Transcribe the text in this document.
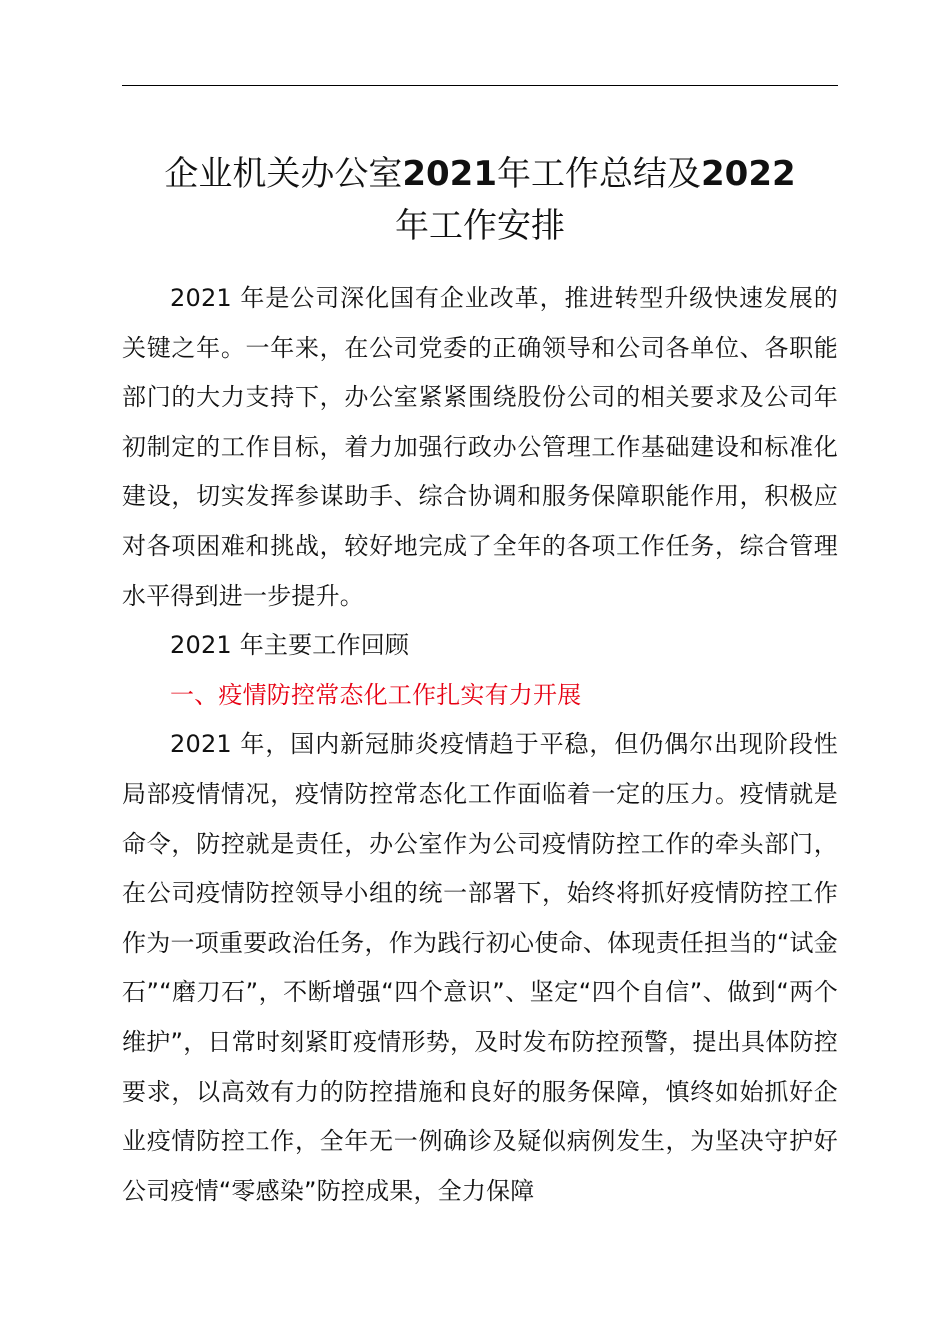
企业机关办公室2021年工作总结及2022
年工作安排

2021 年是公司深化国有企业改革，推进转型升级快速发展的关键之年。一年来，在公司党委的正确领导和公司各单位、各职能部门的大力支持下，办公室紧紧围绕股份公司的相关要求及公司年初制定的工作目标，着力加强行政办公管理工作基础建设和标准化建设，切实发挥参谋助手、综合协调和服务保障职能作用，积极应对各项困难和挑战，较好地完成了全年的各项工作任务，综合管理水平得到进一步提升。

2021 年主要工作回顾

一、疫情防控常态化工作扎实有力开展

2021 年，国内新冠肺炎疫情趋于平稳，但仍偶尔出现阶段性局部疫情情况，疫情防控常态化工作面临着一定的压力。疫情就是命令，防控就是责任，办公室作为公司疫情防控工作的牵头部门，在公司疫情防控领导小组的统一部署下，始终将抓好疫情防控工作作为一项重要政治任务，作为践行初心使命、体现责任担当的“试金石”“磨刀石”，不断增强“四个意识”、坚定“四个自信”、做到“两个维护”，日常时刻紧盯疫情形势，及时发布防控预警，提出具体防控要求，以高效有力的防控措施和良好的服务保障，慎终如始抓好企业疫情防控工作，全年无一例确诊及疑似病例发生，为坚决守护好公司疫情“零感染”防控成果，全力保障
